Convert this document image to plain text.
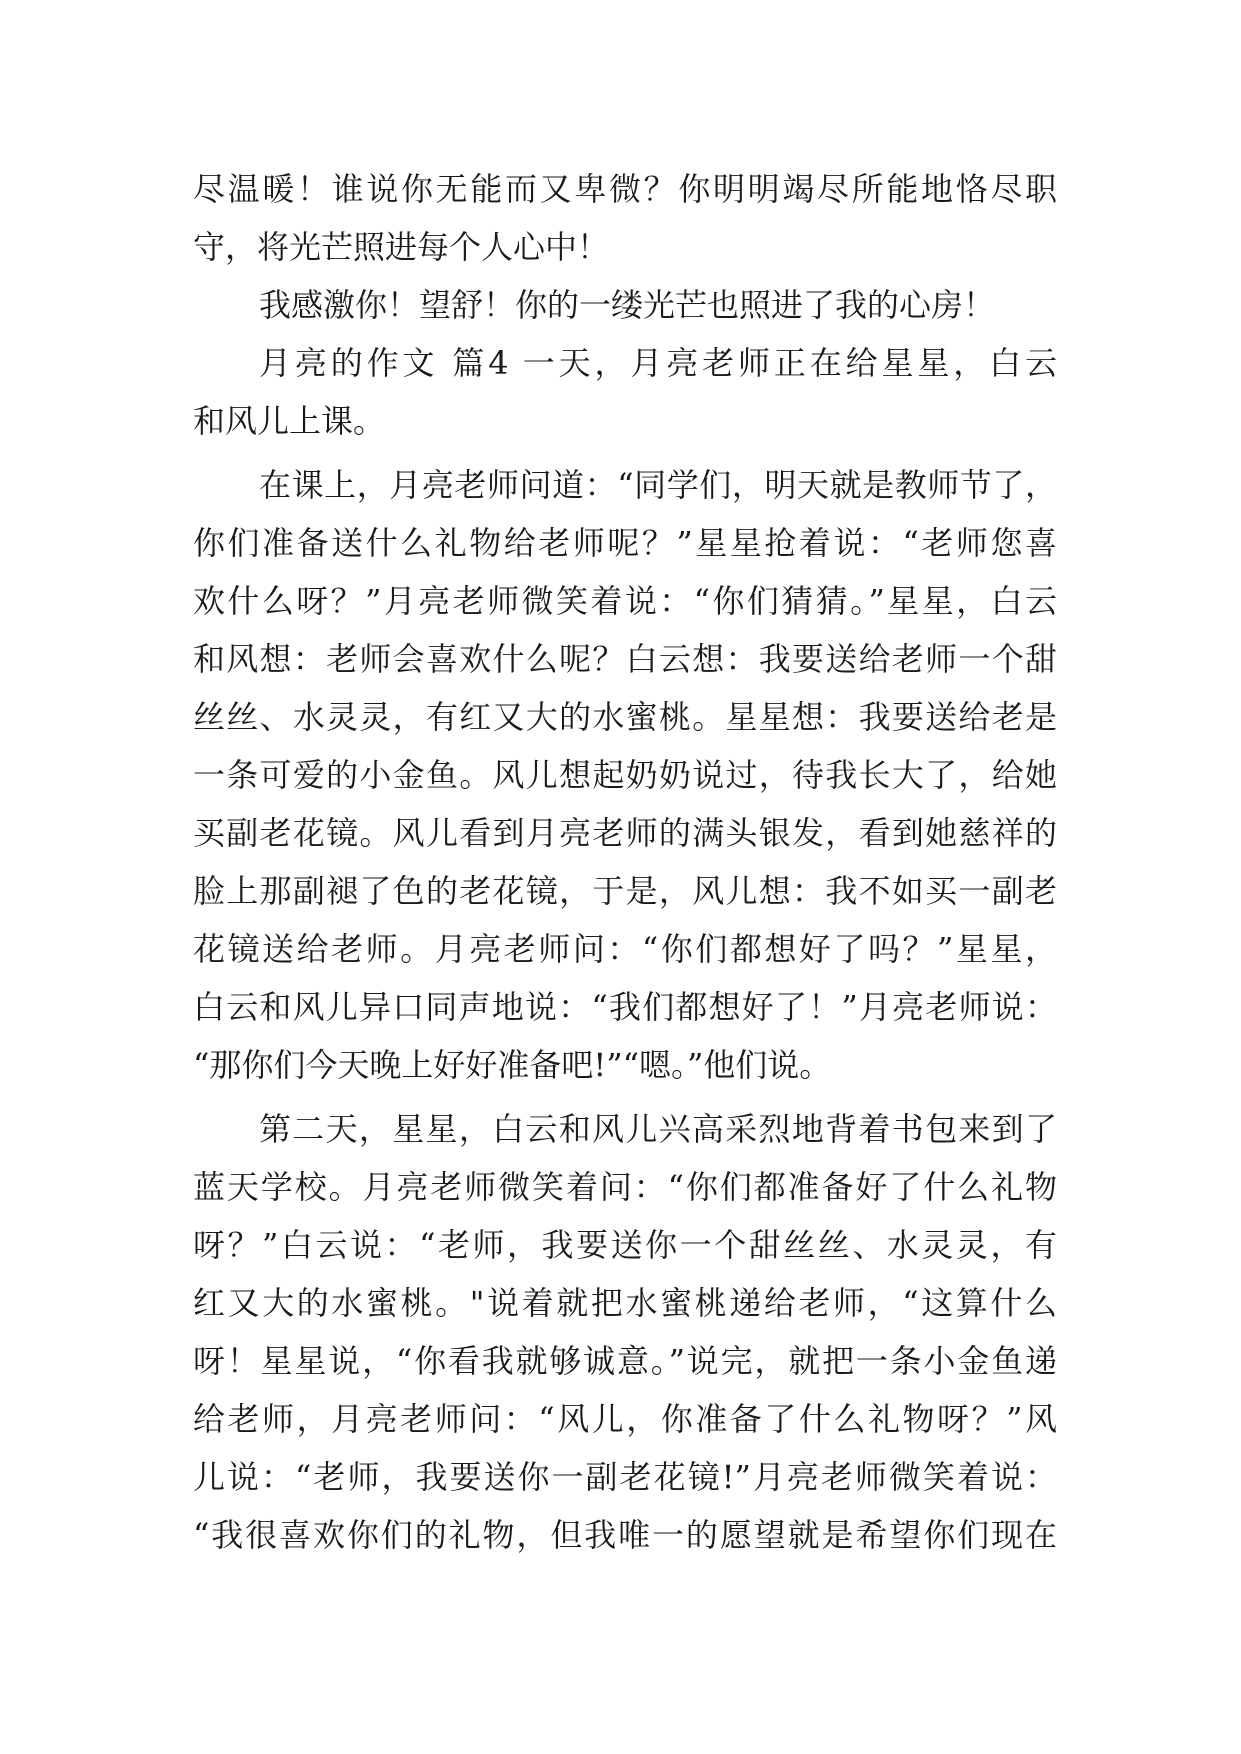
尽温暖！谁说你无能而又卑微？你明明竭尽所能地恪尽职
守，将光芒照进每个人心中！
我感激你！望舒！你的一缕光芒也照进了我的心房！
月亮的作文 篇4 一天，月亮老师正在给星星，白云
和风儿上课。
在课上，月亮老师问道：“同学们，明天就是教师节了，
你们准备送什么礼物给老师呢？”星星抢着说：“老师您喜
欢什么呀？”月亮老师微笑着说：“你们猜猜。”星星，白云
和风想：老师会喜欢什么呢？白云想：我要送给老师一个甜
丝丝、水灵灵，有红又大的水蜜桃。星星想：我要送给老是
一条可爱的小金鱼。风儿想起奶奶说过，待我长大了，给她
买副老花镜。风儿看到月亮老师的满头银发，看到她慈祥的
脸上那副褪了色的老花镜，于是，风儿想：我不如买一副老
花镜送给老师。月亮老师问：“你们都想好了吗？”星星，
白云和风儿异口同声地说：“我们都想好了！”月亮老师说：
“那你们今天晚上好好准备吧!”“嗯。”他们说。
第二天，星星，白云和风儿兴高采烈地背着书包来到了
蓝天学校。月亮老师微笑着问：“你们都准备好了什么礼物
呀？”白云说：“老师，我要送你一个甜丝丝、水灵灵，有
红又大的水蜜桃。"说着就把水蜜桃递给老师，“这算什么
呀！星星说，“你看我就够诚意。”说完，就把一条小金鱼递
给老师，月亮老师问：“风儿，你准备了什么礼物呀？”风
儿说：“老师，我要送你一副老花镜!”月亮老师微笑着说：
“我很喜欢你们的礼物，但我唯一的愿望就是希望你们现在
